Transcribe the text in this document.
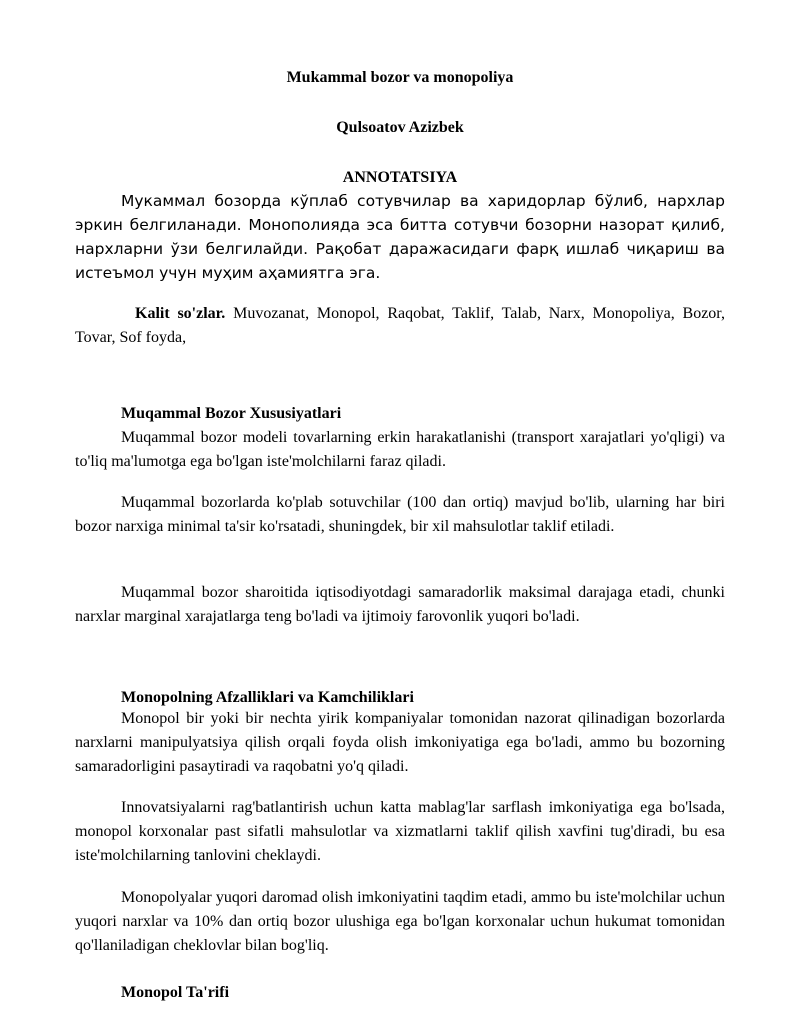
Mukammal bozor va monopoliya
Qulsoatov Azizbek
ANNOTATSIYA

Мукаммал бозорда кўплаб сотувчилар ва харидорлар бўлиб, нархлар эркин белгиланади. Монополияда эса битта сотувчи бозорни назорат қилиб, нархларни ўзи белгилайди. Рақобат даражасидаги фарқ ишлаб чиқариш ва истеъмол учун муҳим аҳамиятга эга.

Kalit so'zlar. Muvozanat, Monopol, Raqobat, Taklif, Talab, Narx, Monopoliya, Bozor, Tovar, Sof foyda,

Muqammal Bozor Xususiyatlari

Muqammal bozor modeli tovarlarning erkin harakatlanishi (transport xarajatlari yo'qligi) va to'liq ma'lumotga ega bo'lgan iste'molchilarni faraz qiladi.

Muqammal bozorlarda ko'plab sotuvchilar (100 dan ortiq) mavjud bo'lib, ularning har biri bozor narxiga minimal ta'sir ko'rsatadi, shuningdek, bir xil mahsulotlar taklif etiladi.

Muqammal bozor sharoitida iqtisodiyotdagi samaradorlik maksimal darajaga etadi, chunki narxlar marginal xarajatlarga teng bo'ladi va ijtimoiy farovonlik yuqori bo'ladi.

Monopolning Afzalliklari va Kamchiliklari

Monopol bir yoki bir nechta yirik kompaniyalar tomonidan nazorat qilinadigan bozorlarda narxlarni manipulyatsiya qilish orqali foyda olish imkoniyatiga ega bo'ladi, ammo bu bozorning samaradorligini pasaytiradi va raqobatni yo'q qiladi.

Innovatsiyalarni rag'batlantirish uchun katta mablag'lar sarflash imkoniyatiga ega bo'lsada, monopol korxonalar past sifatli mahsulotlar va xizmatlarni taklif qilish xavfini tug'diradi, bu esa iste'molchilarning tanlovini cheklaydi.

Monopolyalar yuqori daromad olish imkoniyatini taqdim etadi, ammo bu iste'molchilar uchun yuqori narxlar va 10% dan ortiq bozor ulushiga ega bo'lgan korxonalar uchun hukumat tomonidan qo'llaniladigan cheklovlar bilan bog'liq.

Monopol Ta'rifi
